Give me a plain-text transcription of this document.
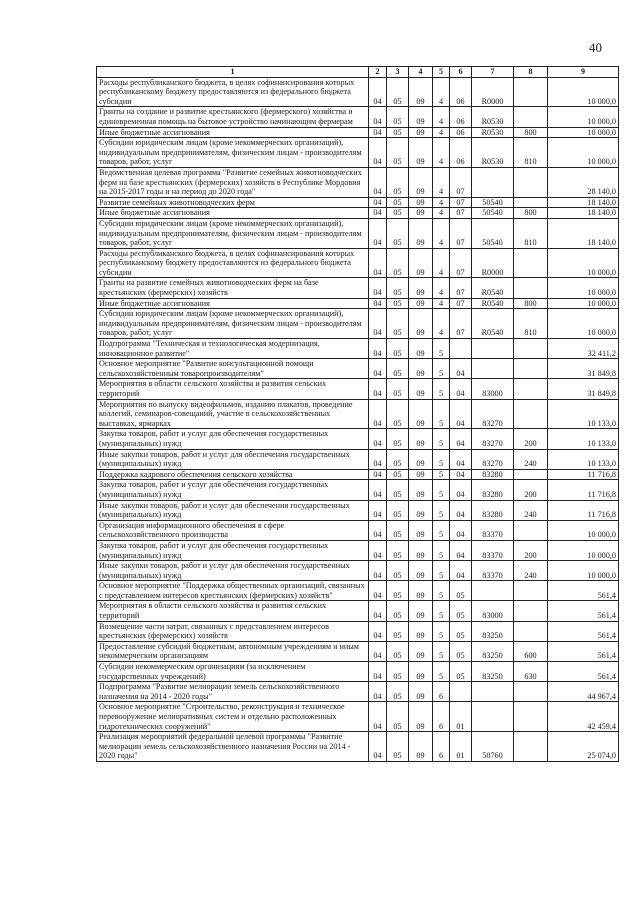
40
1	2	3	4	5	6	7	8	9
Расходы республиканского бюджета, в целях софинансирования которых республиканскому бюджету предоставляются из федерального бюджета субсидии	04	05	09	4	06	R0000		10 000,0
Гранты на создание и развитие крестьянского (фермерского) хозяйства и единовременная помощь на бытовое устройство начинающим фермерам	04	05	09	4	06	R0530		10 000,0
Иные бюджетные ассигнования	04	05	09	4	06	R0530	800	10 000,0
Субсидии юридическим лицам (кроме некоммерческих организаций), индивидуальным предпринимателям, физическим лицам - производителям товаров, работ, услуг	04	05	09	4	06	R0530	810	10 000,0
Ведомственная целевая программа "Развитие семейных животноводческих ферм на базе крестьянских (фермерских) хозяйств в Республике Мордовия на 2015-2017 годы и на период до 2020 года"	04	05	09	4	07			28 140,0
Развитие семейных животноводческих ферм	04	05	09	4	07	50540		18 140,0
Иные бюджетные ассигнования	04	05	09	4	07	50540	800	18 140,0
Субсидии юридическим лицам (кроме некоммерческих организаций), индивидуальным предпринимателям, физическим лицам - производителям товаров, работ, услуг	04	05	09	4	07	50540	810	18 140,0
Расходы республиканского бюджета, в целях софинансирования которых республиканскому бюджету предоставляются из федерального бюджета субсидии	04	05	09	4	07	R0000		10 000,0
Гранты на развитие семейных животноводческих ферм на базе крестьянских (фермерских) хозяйств	04	05	09	4	07	R0540		10 000,0
Иные бюджетные ассигнования	04	05	09	4	07	R0540	800	10 000,0
Субсидии юридическим лицам (кроме некоммерческих организаций), индивидуальным предпринимателям, физическим лицам - производителям товаров, работ, услуг	04	05	09	4	07	R0540	810	10 000,0
Подпрограмма "Техническая и технологическая модернизация, инновационное развитие"	04	05	09	5				32 411,2
Основное мероприятие "Развитие консультационной помощи сельскохозяйственным товаропроизводителям"	04	05	09	5	04			31 849,8
Мероприятия в области сельского хозяйства и развития сельских территорий	04	05	09	5	04	83000		31 849,8
Мероприятия по выпуску видеофильмов, изданию плакатов, проведение коллегий, семинаров-совещаний, участие в сельскохозяйственных выставках, ярмарках	04	05	09	5	04	83270		10 133,0
Закупка товаров, работ и услуг для обеспечения государственных (муниципальных) нужд	04	05	09	5	04	83270	200	10 133,0
Иные закупки товаров, работ и услуг для обеспечения государственных (муниципальных) нужд	04	05	09	5	04	83270	240	10 133,0
Поддержка кадрового обеспечения сельского хозяйства	04	05	09	5	04	83280		11 716,8
Закупка товаров, работ и услуг для обеспечения государственных (муниципальных) нужд	04	05	09	5	04	83280	200	11 716,8
Иные закупки товаров, работ и услуг для обеспечения государственных (муниципальных) нужд	04	05	09	5	04	83280	240	11 716,8
Организация информационного обеспечения в сфере сельскохозяйственного производства	04	05	09	5	04	83370		10 000,0
Закупка товаров, работ и услуг для обеспечения государственных (муниципальных) нужд	04	05	09	5	04	83370	200	10 000,0
Иные закупки товаров, работ и услуг для обеспечения государственных (муниципальных) нужд	04	05	09	5	04	83370	240	10 000,0
Основное мероприятие "Поддержка общественных организаций, связанных с представлением интересов крестьянских (фермерских) хозяйств"	04	05	09	5	05			561,4
Мероприятия в области сельского хозяйства и развития сельских территорий	04	05	09	5	05	83000		561,4
Возмещение части затрат, связанных с представлением интересов крестьянских (фермерских) хозяйств	04	05	09	5	05	83250		561,4
Предоставление субсидий бюджетным, автономным учреждениям и иным некоммерческим организациям	04	05	09	5	05	83250	600	561,4
Субсидии некоммерческим организациям (за исключением государственных учреждений)	04	05	09	5	05	83250	630	561,4
Подпрограмма "Развитие мелиорации земель сельскохозяйственного назначения на 2014 - 2020 годы"	04	05	09	6				44 967,4
Основное мероприятие "Строительство, реконструкция и техническое перевооружение мелиоративных систем и отдельно расположенных гидротехнических сооружений"	04	05	09	6	01			42 459,4
Реализация мероприятий федеральной целевой программы "Развитие мелиорации земель сельскохозяйственного назначения России на 2014 - 2020 годы"	04	05	09	6	01	50760		25 074,0
